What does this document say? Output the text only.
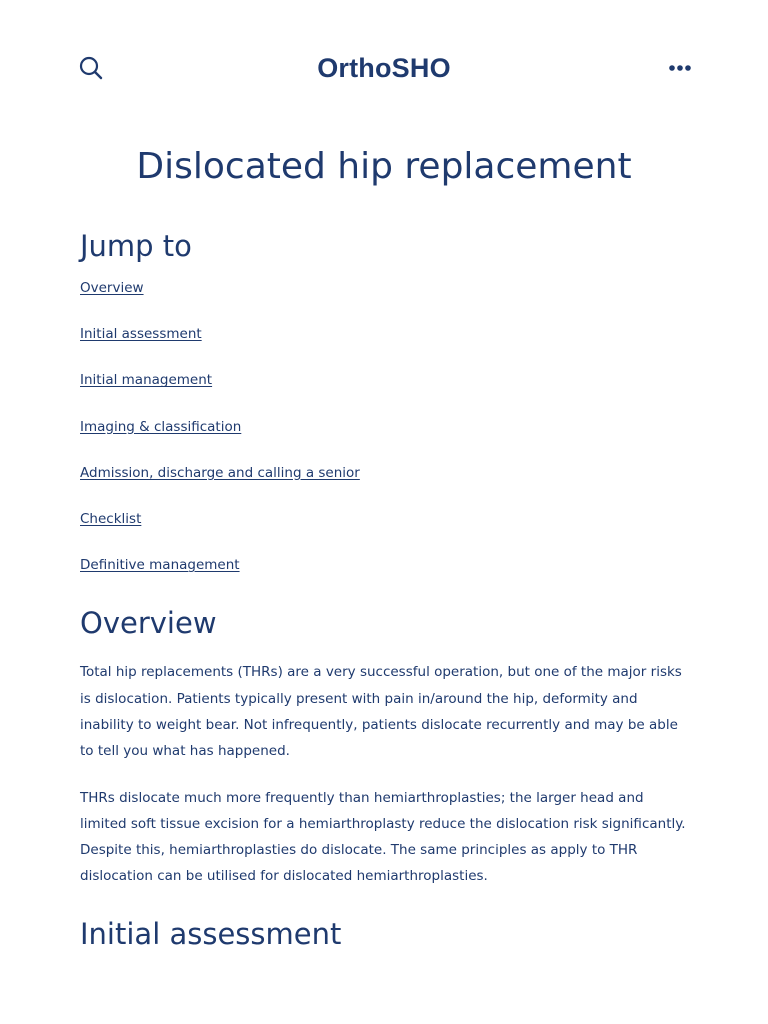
OrthoSHO
Dislocated hip replacement
Jump to
Overview
Initial assessment
Initial management
Imaging & classification
Admission, discharge and calling a senior
Checklist
Definitive management
Overview

Total hip replacements (THRs) are a very successful operation, but one of the major risks is dislocation. Patients typically present with pain in/around the hip, deformity and inability to weight bear. Not infrequently, patients dislocate recurrently and may be able to tell you what has happened.

THRs dislocate much more frequently than hemiarthroplasties; the larger head and limited soft tissue excision for a hemiarthroplasty reduce the dislocation risk significantly. Despite this, hemiarthroplasties do dislocate. The same principles as apply to THR dislocation can be utilised for dislocated hemiarthroplasties.

Initial assessment
